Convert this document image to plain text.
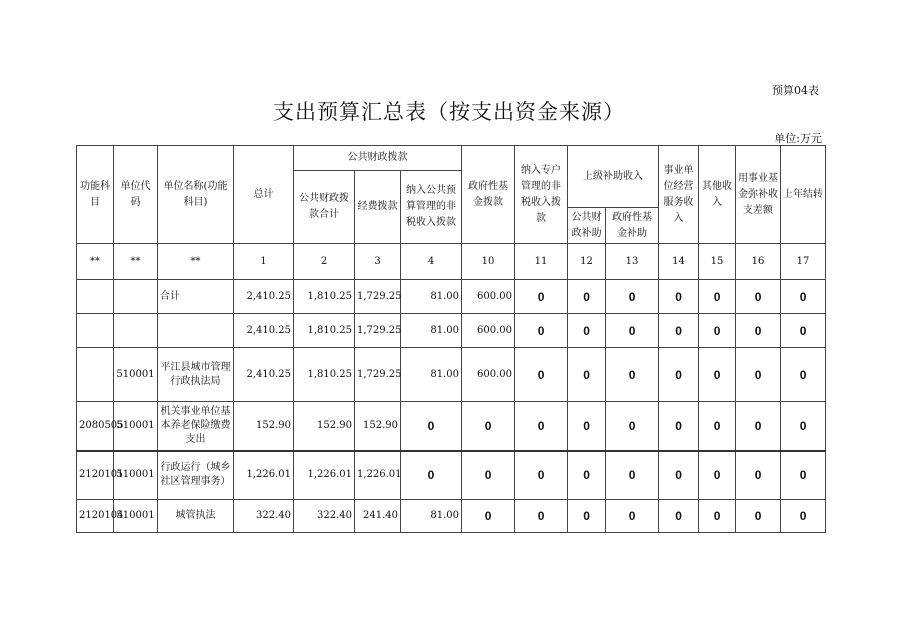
预算04表
支出预算汇总表（按支出资金来源）
单位:万元
功能科目	单位代码	单位名称(功能科目)	总计	公共财政拨款			政府性基金拨款	纳入专户管理的非税收入拨款	上级补助收入		事业单位经营服务收入	其他收入	用事业基金弥补收支差额	上年结转
				公共财政拨款合计	经费拨款	纳入公共预算管理的非税收入拨款								
									公共财政补助	政府性基金补助				
**	**	**	1	2	3	4	10	11	12	13	14	15	16	17
		合计	2,410.25	1,810.25	1,729.25	81.00	600.00	0	0	0	0	0	0	0
			2,410.25	1,810.25	1,729.25	81.00	600.00	0	0	0	0	0	0	0
	510001	平江县城市管理行政执法局	2,410.25	1,810.25	1,729.25	81.00	600.00	0	0	0	0	0	0	0
2080505	510001	机关事业单位基本养老保险缴费支出	152.90	152.90	152.90	0	0	0	0	0	0	0	0	0
2120101	510001	行政运行（城乡社区管理事务）	1,226.01	1,226.01	1,226.01	0	0	0	0	0	0	0	0	0
2120104	510001	城管执法	322.40	322.40	241.40	81.00	0	0	0	0	0	0	0	0
